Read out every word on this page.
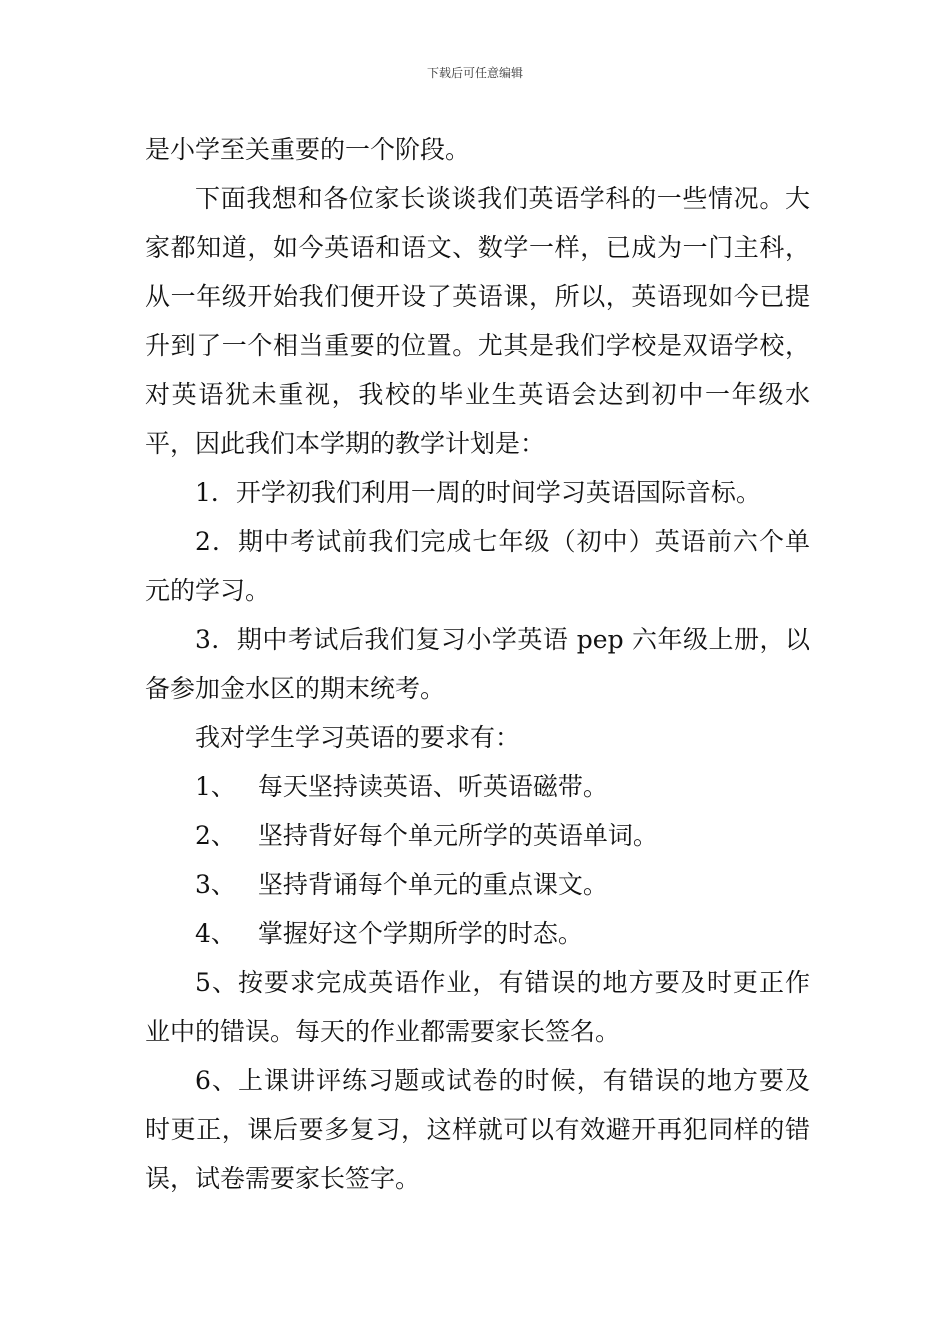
下载后可任意编辑

是小学至关重要的一个阶段。

下面我想和各位家长谈谈我们英语学科的一些情况。大家都知道，如今英语和语文、数学一样，已成为一门主科，从一年级开始我们便开设了英语课，所以，英语现如今已提升到了一个相当重要的位置。尤其是我们学校是双语学校，对英语犹未重视，我校的毕业生英语会达到初中一年级水平，因此我们本学期的教学计划是：

1．开学初我们利用一周的时间学习英语国际音标。

2．期中考试前我们完成七年级（初中）英语前六个单元的学习。

3．期中考试后我们复习小学英语 pep 六年级上册，以备参加金水区的期末统考。

我对学生学习英语的要求有：

1、 每天坚持读英语、听英语磁带。

2、 坚持背好每个单元所学的英语单词。

3、 坚持背诵每个单元的重点课文。

4、 掌握好这个学期所学的时态。

5、按要求完成英语作业，有错误的地方要及时更正作业中的错误。每天的作业都需要家长签名。

6、上课讲评练习题或试卷的时候，有错误的地方要及时更正，课后要多复习，这样就可以有效避开再犯同样的错误，试卷需要家长签字。
